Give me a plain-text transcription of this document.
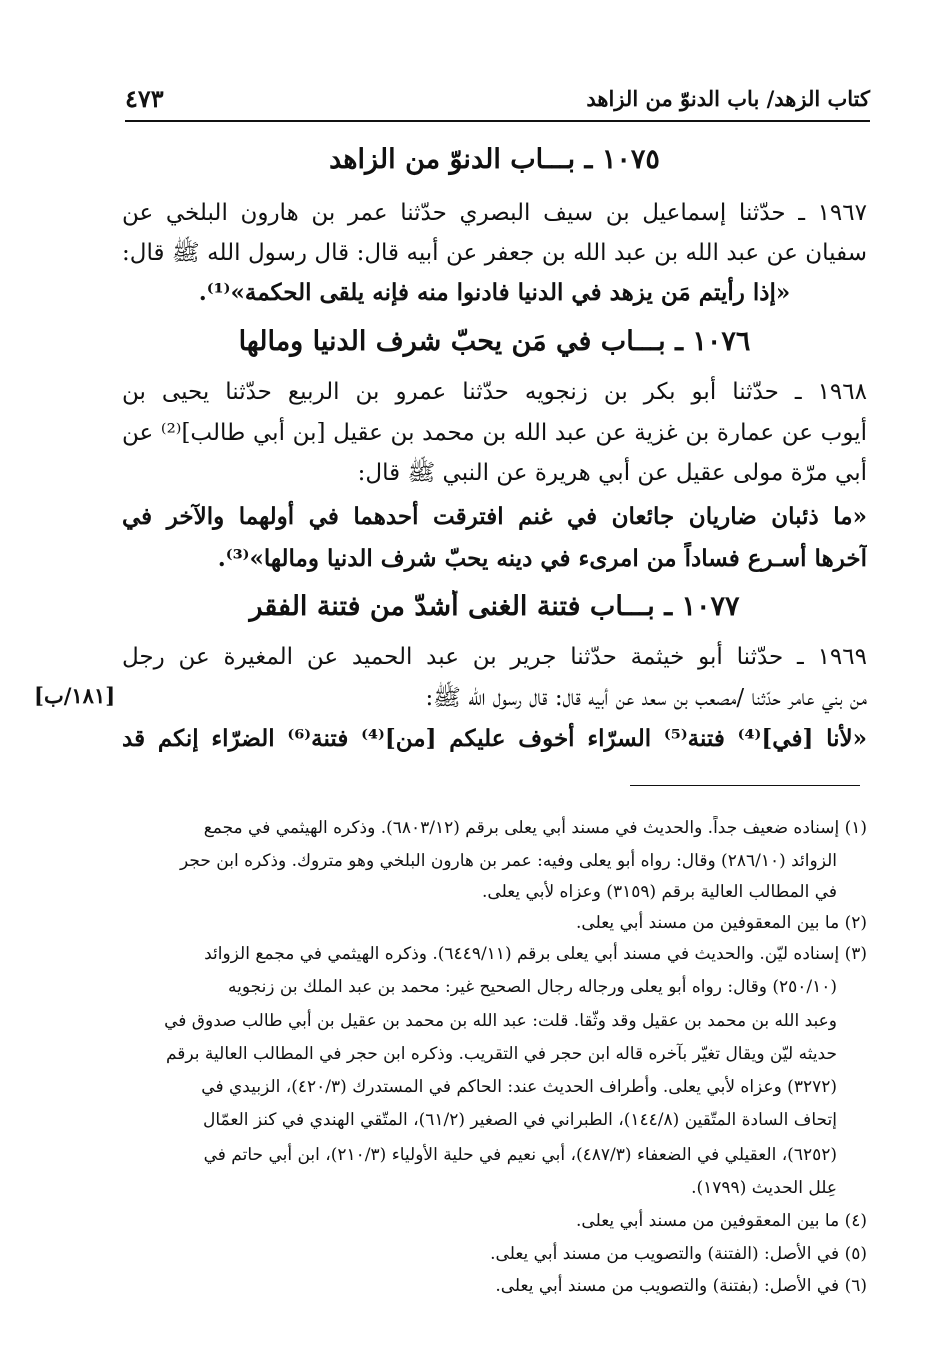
كتاب الزهد/ باب الدنوّ من الزاهد
٤٧٣
١٠٧٥ ـ بـــاب الدنوّ من الزاهد
١٩٦٧ ـ حدّثنا إسماعيل بن سيف البصري حدّثنا عمر بن هارون البلخي عن
سفيان عن عبد الله بن عبد الله بن جعفر عن أبيه قال: قال رسول الله ﷺ قال:
«إذا رأيتم مَن يزهد في الدنيا فادنوا منه فإنه يلقى الحكمة»⁽¹⁾.
١٠٧٦ ـ بـــاب في مَن يحبّ شرف الدنيا ومالها
١٩٦٨ ـ حدّثنا أبو بكر بن زنجويه حدّثنا عمرو بن الربيع حدّثنا يحيى بن
أيوب عن عمارة بن غزية عن عبد الله بن محمد بن عقيل [بن أبي طالب]⁽²⁾ عن
أبي مرّة مولى عقيل عن أبي هريرة عن النبي ﷺ قال:
«ما ذئبان ضاريان جائعان في غنم افترقت أحدهما في أولهما والآخر في
آخرها أسـرع فساداً من امرىء في دينه يحبّ شرف الدنيا ومالها»⁽³⁾.
١٠٧٧ ـ بـــاب فتنة الغنى أشدّ من فتنة الفقر
١٩٦٩ ـ حدّثنا أبو خيثمة حدّثنا جرير بن عبد الحميد عن المغيرة عن رجل
من بني عامر حدّثنا /مصعب بن سعد عن أبيه قال: قال رسول الله ﷺ:
«لأنا [في]⁽⁴⁾ فتنة⁽⁵⁾ السرّاء أخوف عليكم [من]⁽⁴⁾ فتنة⁽⁶⁾ الضرّاء إنكم قد
[١٨١/ب]
(١) إسناده ضعيف جداً. والحديث في مسند أبي يعلى برقم (٦٨٠٣/١٢). وذكره الهيثمي في مجمع
الزوائد (٢٨٦/١٠) وقال: رواه أبو يعلى وفيه: عمر بن هارون البلخي وهو متروك. وذكره ابن حجر
في المطالب العالية برقم (٣١٥٩) وعزاه لأبي يعلى.
(٢) ما بين المعقوفين من مسند أبي يعلى.
(٣) إسناده ليّن. والحديث في مسند أبي يعلى برقم (٦٤٤٩/١١). وذكره الهيثمي في مجمع الزوائد
(٢٥٠/١٠) وقال: رواه أبو يعلى ورجاله رجال الصحيح غير: محمد بن عبد الملك بن زنجويه
وعبد الله بن محمد بن عقيل وقد وثّقا. قلت: عبد الله بن محمد بن عقيل بن أبي طالب صدوق في
حديثه ليّن ويقال تغيّر بآخره قاله ابن حجر في التقريب. وذكره ابن حجر في المطالب العالية برقم
(٣٢٧٢) وعزاه لأبي يعلى. وأطراف الحديث عند: الحاكم في المستدرك (٤٢٠/٣)، الزبيدي في
إتحاف السادة المتّقين (١٤٤/٨)، الطبراني في الصغير (٦١/٢)، المتّقي الهندي في كنز العمّال
(٦٢٥٢)، العقيلي في الضعفاء (٤٨٧/٣)، أبي نعيم في حلية الأولياء (٢١٠/٣)، ابن أبي حاتم في
عِلل الحديث (١٧٩٩).
(٤) ما بين المعقوفين من مسند أبي يعلى.
(٥) في الأصل: (الفتنة) والتصويب من مسند أبي يعلى.
(٦) في الأصل: (بفتنة) والتصويب من مسند أبي يعلى.
